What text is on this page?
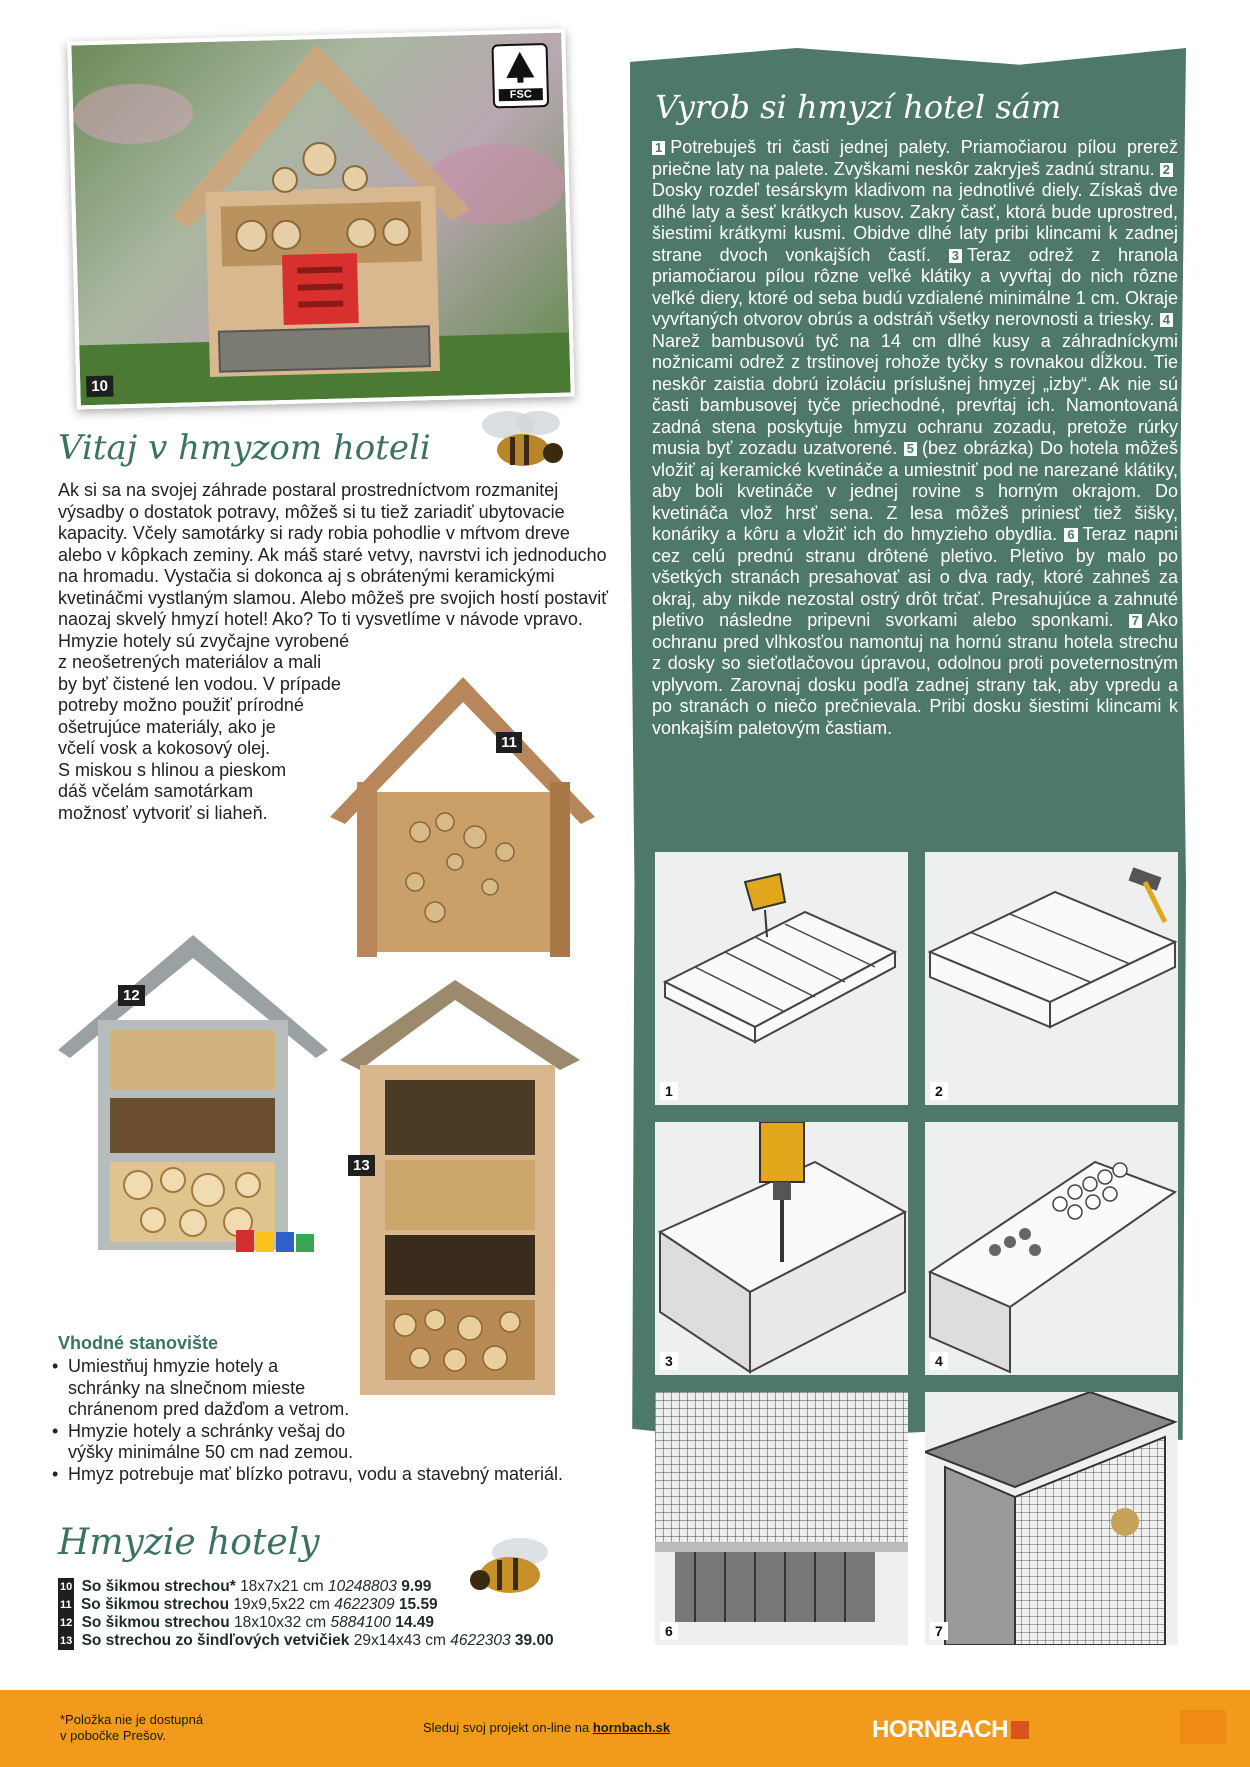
10
FSC
Vitaj v hmyzom hoteli
Ak si sa na svojej záhrade postaral prostredníctvom rozmanitej
výsadby o dostatok potravy, môžeš si tu tiež zariadiť ubytovacie
kapacity. Včely samotárky si rady robia pohodlie v mŕtvom dreve
alebo v kôpkach zeminy. Ak máš staré vetvy, navrstvi ich jednoducho
na hromadu. Vystačia si dokonca aj s obrátenými keramickými
kvetináčmi vystlaným slamou. Alebo môžeš pre svojich hostí postaviť
naozaj skvelý hmyzí hotel! Ako? To ti vysvetlíme v návode vpravo.
Hmyzie hotely sú zvyčajne vyrobené
z neošetrených materiálov a mali
by byť čistené len vodou. V prípade
potreby možno použiť prírodné
ošetrujúce materiály, ako je
včelí vosk a kokosový olej.
S miskou s hlinou a pieskom
dáš včelám samotárkam
možnosť vytvoriť si liaheň.
11
12
13
Vhodné stanovište
• Umiestňuj hmyzie hotely a schránky na slnečnom mieste chránenom pred dažďom a vetrom.
• Hmyzie hotely a schránky vešaj do výšky minimálne 50 cm nad zemou.
• Hmyz potrebuje mať blízko potravu, vodu a stavebný materiál.
Hmyzie hotely
10 So šikmou strechou* 18x7x21 cm 10248803 9.99
11 So šikmou strechou 19x9,5x22 cm 4622309 15.59
12 So šikmou strechou 18x10x32 cm 5884100 14.49
13 So strechou zo šindľových vetvičiek 29x14x43 cm 4622303 39.00
Vyrob si hmyzí hotel sám
1 Potrebuješ tri časti jednej palety. Priamočiarou pílou prerež priečne laty na palete. Zvyškami neskôr zakryješ zadnú stranu. 2Dosky rozdeľ tesárskym kladivom na jednotlivé diely. Získaš dve dlhé laty a šesť krátkych kusov. Zakry časť, ktorá bude uprostred, šiestimi krátkymi kusmi. Obidve dlhé laty pribi klincami k zadnej strane dvoch vonkajších častí. 3 Teraz odrež z hranola priamočiarou pílou rôzne veľké klátiky a vyvŕtaj do nich rôzne veľké diery, ktoré od seba budú vzdialené minimálne 1 cm. Okraje vyvŕtaných otvorov obrús a odstráň všetky nerovnosti a triesky. 4Narež bambusovú tyč na 14 cm dlhé kusy a záhradníckymi nožnicami odrež z trstinovej rohože tyčky s rovnakou dĺžkou. Tie neskôr zaistia dobrú izoláciu príslušnej hmyzej „izby“. Ak nie sú časti bambusovej tyče priechodné, prevŕtaj ich. Namontovaná zadná stena poskytuje hmyzu ochranu zozadu, pretože rúrky musia byť zozadu uzatvorené. 5 (bez obrázka) Do hotela môžeš vložiť aj keramické kvetináče a umiestniť pod ne narezané klátiky, aby boli kvetináče v jednej rovine s horným okrajom. Do kvetináča vlož hrsť sena. Z lesa môžeš priniesť tiež šišky, konáriky a kôru a vložiť ich do hmyzieho obydlia. 6 Teraz napni cez celú prednú stranu drôtené pletivo. Pletivo by malo po všetkých stranách presahovať asi o dva rady, ktoré zahneš za okraj, aby nikde nezostal ostrý drôt trčať. Presahujúce a zahnuté pletivo následne pripevni svorkami alebo sponkami. 7 Ako ochranu pred vlhkosťou namontuj na hornú stranu hotela strechu z dosky so sieťotlačovou úpravou, odolnou proti poveternostným vplyvom. Zarovnaj dosku podľa zadnej strany tak, aby vpredu a po stranách o niečo prečnievala. Pribi dosku šiestimi klincami k vonkajším paletovým častiam.
1	2
3	4
6	7
*Položka nie je dostupná
v pobočke Prešov.
Sleduj svoj projekt on-line na hornbach.sk	HORNBACH
